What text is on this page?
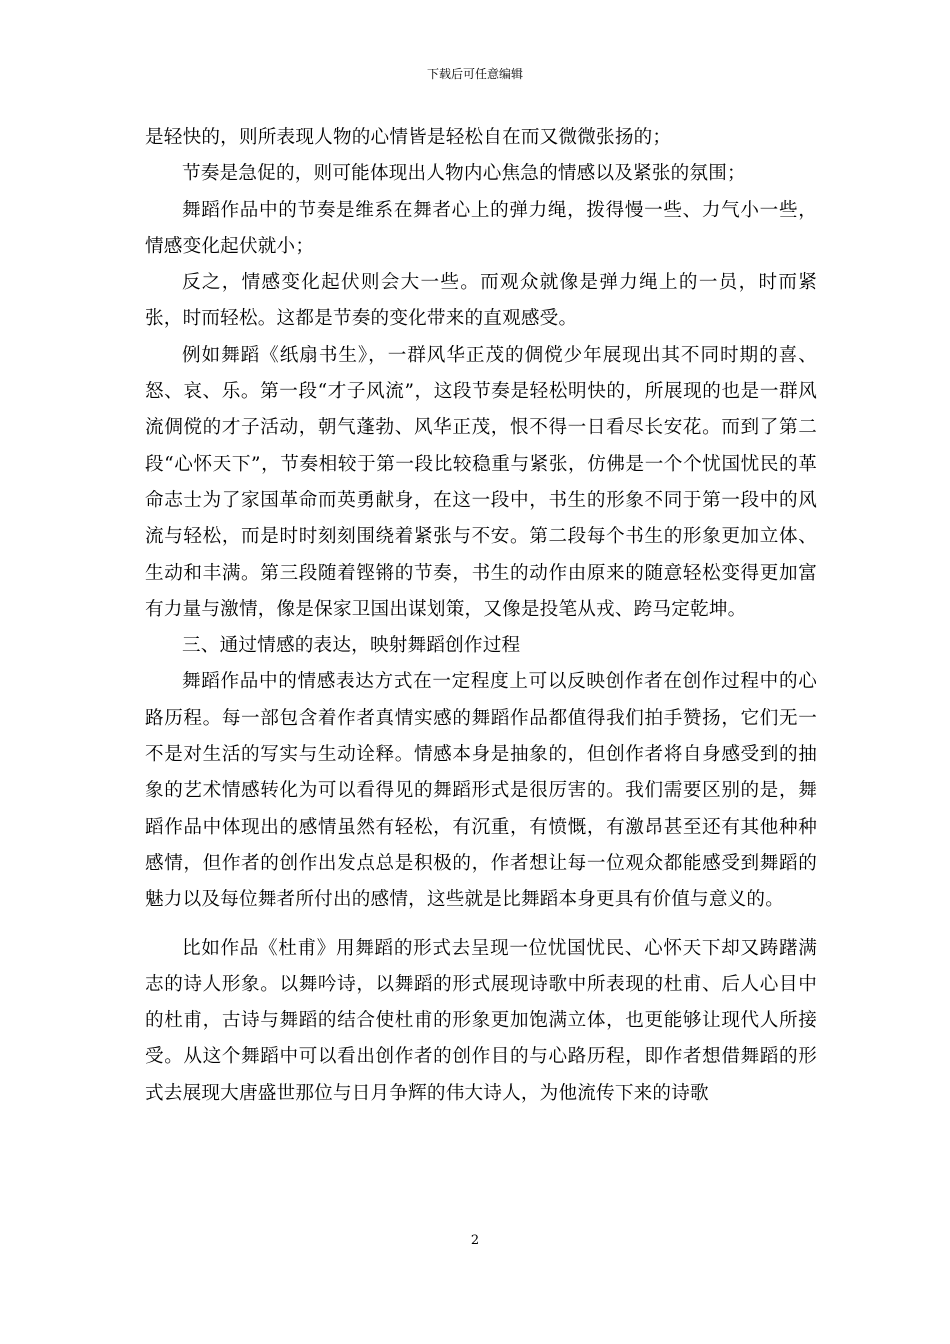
下载后可任意编辑

是轻快的，则所表现人物的心情皆是轻松自在而又微微张扬的；

节奏是急促的，则可能体现出人物内心焦急的情感以及紧张的氛围；

舞蹈作品中的节奏是维系在舞者心上的弹力绳，拨得慢一些、力气小一些，情感变化起伏就小；

反之，情感变化起伏则会大一些。而观众就像是弹力绳上的一员，时而紧张，时而轻松。这都是节奏的变化带来的直观感受。

例如舞蹈《纸扇书生》，一群风华正茂的倜傥少年展现出其不同时期的喜、怒、哀、乐。第一段“才子风流”，这段节奏是轻松明快的，所展现的也是一群风流倜傥的才子活动，朝气蓬勃、风华正茂，恨不得一日看尽长安花。而到了第二段“心怀天下”，节奏相较于第一段比较稳重与紧张，仿佛是一个个忧国忧民的革命志士为了家国革命而英勇献身，在这一段中，书生的形象不同于第一段中的风流与轻松，而是时时刻刻围绕着紧张与不安。第二段每个书生的形象更加立体、生动和丰满。第三段随着铿锵的节奏，书生的动作由原来的随意轻松变得更加富有力量与激情，像是保家卫国出谋划策，又像是投笔从戎、跨马定乾坤。

三、通过情感的表达，映射舞蹈创作过程

舞蹈作品中的情感表达方式在一定程度上可以反映创作者在创作过程中的心路历程。每一部包含着作者真情实感的舞蹈作品都值得我们拍手赞扬，它们无一不是对生活的写实与生动诠释。情感本身是抽象的，但创作者将自身感受到的抽象的艺术情感转化为可以看得见的舞蹈形式是很厉害的。我们需要区别的是，舞蹈作品中体现出的感情虽然有轻松，有沉重，有愤慨，有激昂甚至还有其他种种感情，但作者的创作出发点总是积极的，作者想让每一位观众都能感受到舞蹈的魅力以及每位舞者所付出的感情，这些就是比舞蹈本身更具有价值与意义的。

比如作品《杜甫》用舞蹈的形式去呈现一位忧国忧民、心怀天下却又踌躇满志的诗人形象。以舞吟诗，以舞蹈的形式展现诗歌中所表现的杜甫、后人心目中的杜甫，古诗与舞蹈的结合使杜甫的形象更加饱满立体，也更能够让现代人所接受。从这个舞蹈中可以看出创作者的创作目的与心路历程，即作者想借舞蹈的形式去展现大唐盛世那位与日月争辉的伟大诗人，为他流传下来的诗歌

2
